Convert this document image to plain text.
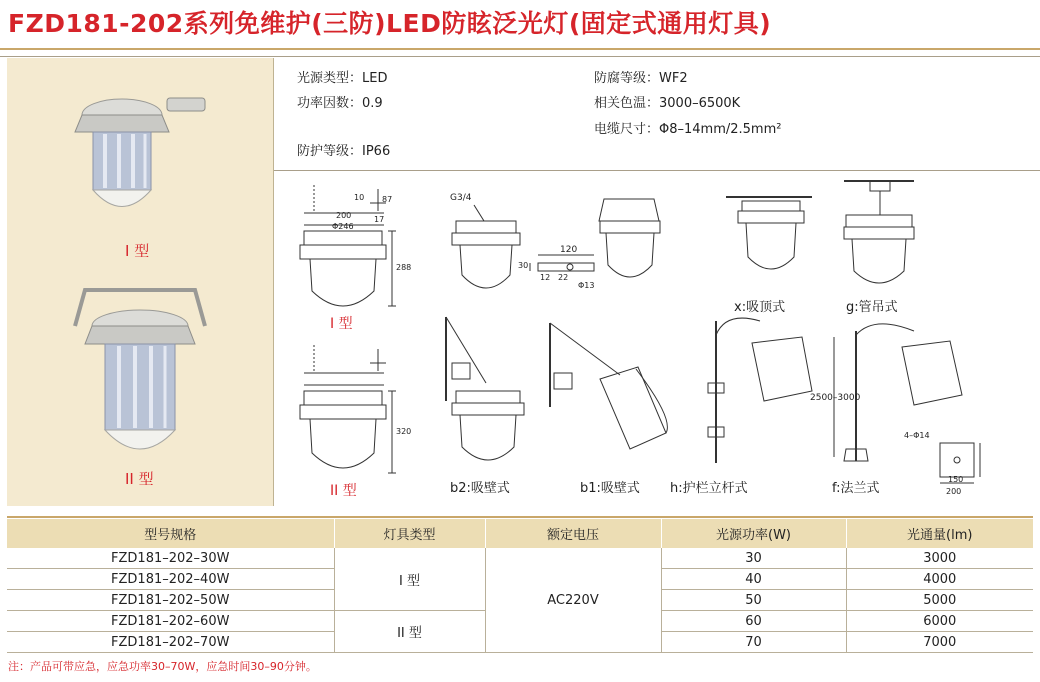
FZD181-202系列免维护(三防)LED防眩泛光灯(固定式通用灯具)
I 型
II 型
光源类型：LED
功率因数：0.9
防护等级：IP66
防腐等级：WF2
相关色温：3000–6500K
电缆尺寸：Φ8–14mm/2.5mm²
200
Φ246
17
87
10
288
320
G3/4
120
30
12 22
Φ13
2500–3000
4–Φ14
150
200
I 型
II 型
x:吸顶式	g:管吊式
b2:吸壁式	b1:吸壁式 h:护栏立杆式	f:法兰式
型号规格	灯具类型	额定电压	光源功率(W)	光通量(lm)
FZD181–202–30W	I 型	AC220V	30	3000
FZD181–202–40W			40	4000
FZD181–202–50W			50	5000
FZD181–202–60W	II 型		60	6000
FZD181–202–70W			70	7000
注：产品可带应急，应急功率30–70W，应急时间30–90分钟。
